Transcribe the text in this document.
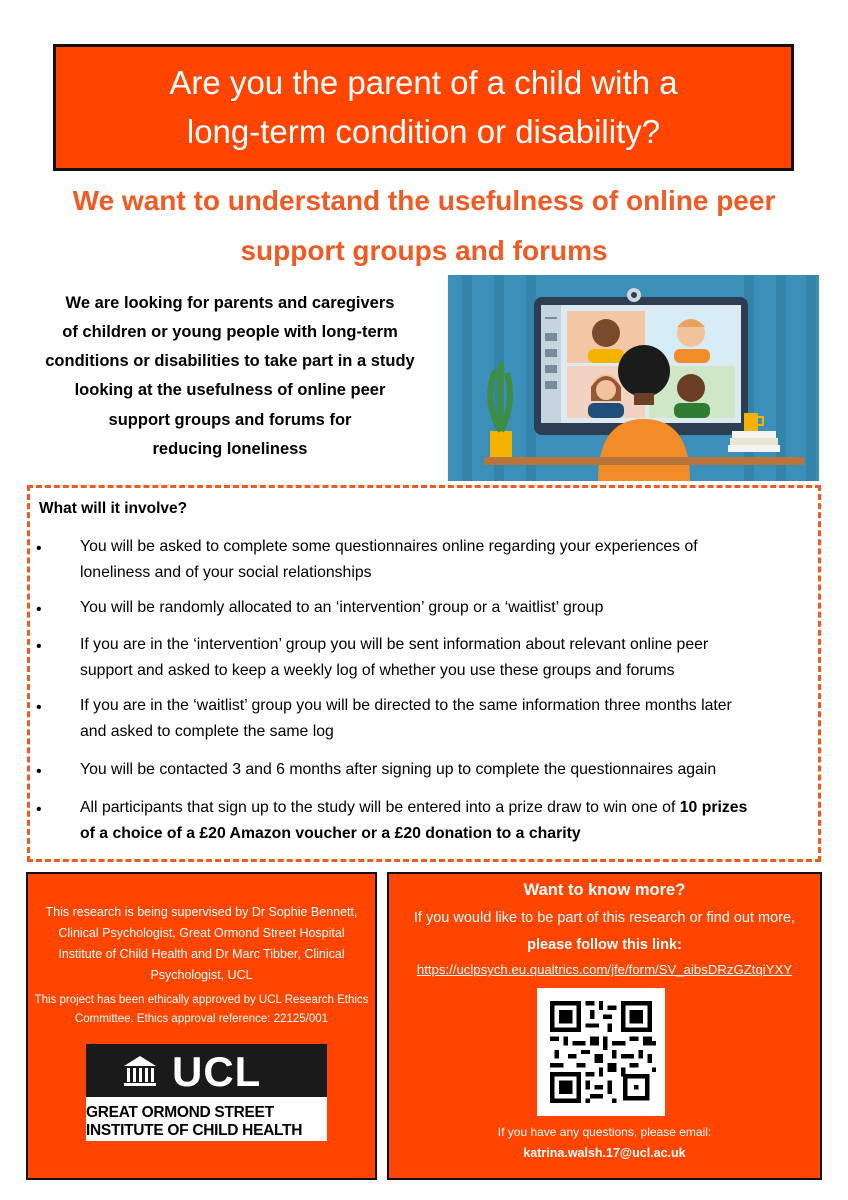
Are you the parent of a child with a
long-term condition or disability?
We want to understand the usefulness of online peer
support groups and forums
We are looking for parents and caregivers
of children or young people with long-term
conditions or disabilities to take part in a study
looking at the usefulness of online peer
support groups and forums for
reducing loneliness
What will it involve?
• You will be asked to complete some questionnaires online regarding your experiences of
loneliness and of your social relationships
• You will be randomly allocated to an ‘intervention’ group or a ‘waitlist’ group
• If you are in the ‘intervention’ group you will be sent information about relevant online peer
support and asked to keep a weekly log of whether you use these groups and forums
• If you are in the ‘waitlist’ group you will be directed to the same information three months later
and asked to complete the same log
• You will be contacted 3 and 6 months after signing up to complete the questionnaires again
• All participants that sign up to the study will be entered into a prize draw to win one of 10 prizes
of a choice of a £20 Amazon voucher or a £20 donation to a charity
This research is being supervised by Dr Sophie Bennett,
Clinical Psychologist, Great Ormond Street Hospital
Institute of Child Health and Dr Marc Tibber, Clinical
Psychologist, UCL
This project has been ethically approved by UCL Research Ethics
Committee. Ethics approval reference: 22125/001
UCL
GREAT ORMOND STREET
INSTITUTE OF CHILD HEALTH
Want to know more?
If you would like to be part of this research or find out more,
please follow this link:
https://uclpsych.eu.qualtrics.com/jfe/form/SV_aibsDRzGZtqiYXY
If you have any questions, please email:
katrina.walsh.17@ucl.ac.uk
